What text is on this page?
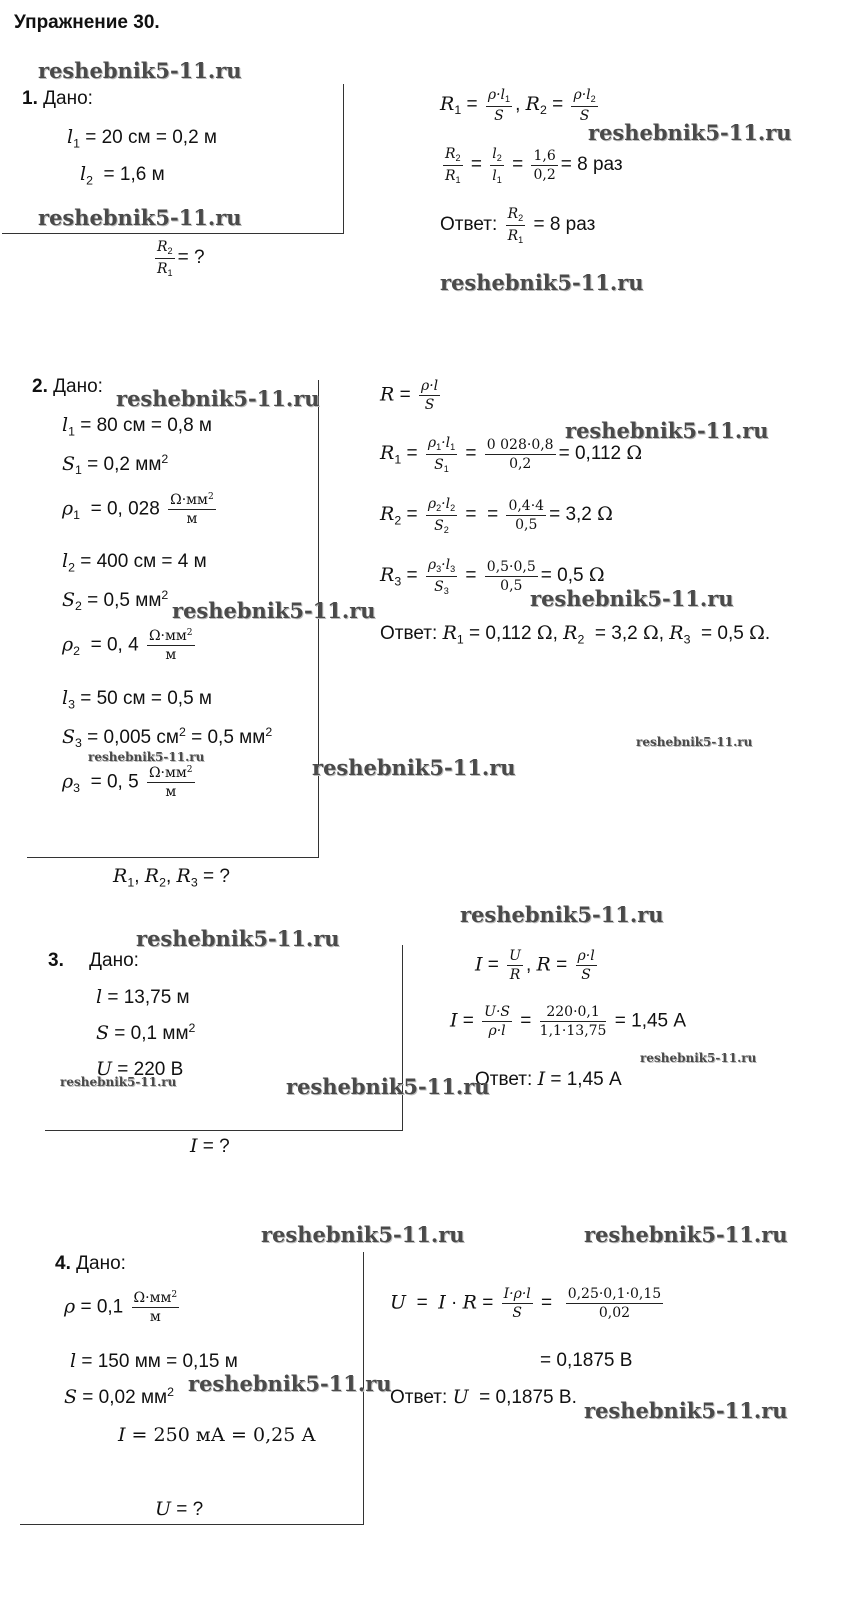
Упражнение 30.
1. Дано:
$l_1 = 20$ см = 0,2 м
$l_2 = 1,6$ м
$\frac{R_2}{R_1}$ = ?
$R_1 = \frac{\rho\cdot l_1}{S}$ , $R_2 = \frac{\rho\cdot l_2}{S}$
$\frac{R_2}{R_1} = \frac{l_2}{l_1} = \frac{1,6}{0,2} = 8$ раз
Ответ: $\frac{R_2}{R_1} = 8$ раз
2. Дано:
$l_1 = 80$ см = 0,8 м
$S_1 = 0,2$ $мм^2$
$\rho_1 = 0$, $028 \frac{\Omega\cdot мм^2}{м}$
$l_2 = 400$ см = 4 м
$S_2 = 0,5$ $мм^2$
$\rho_2 = 0$, $4 \frac{\Omega\cdot мм^2}{м}$
$l_3 = 50$ см = 0,5 м
$S_3 = 0,005$ $см^2 = 0,5$ $мм^2$
$\rho_3 = 0$, $5 \frac{\Omega\cdot мм^2}{м}$
$R_1$, $R_2$, $R_3$ = ?
$R = \frac{\rho\cdot l}{S}$
$R_1 = \frac{\rho_1\cdot l_1}{S_1} = \frac{0 028\cdot 0,8}{0,2} = 0,112$ Ω
$R_2 = \frac{\rho_2\cdot l_2}{S_2}$ =  = $\frac{0,4\cdot 4}{0,5} = 3,2$ Ω
$R_3 = \frac{\rho_3\cdot l_3}{S_3} = \frac{0,5\cdot 0,5}{0,5} = 0,5$ Ω
Ответ: $R_1 = 0,112$ Ω, $R_2 = 3,2$ Ω, $R_3 = 0,5$ Ω.
3. Дано:
l = 13,75 м
S = 0,1 $мм^2$
U = 220 В
I = ?
$I = \frac{U}{R}$ , $R = \frac{\rho\cdot l}{S}$
$I = \frac{U\cdot S}{\rho\cdot l} = \frac{220\cdot 0,1}{1,1\cdot 13,75} = 1,45$ А
Ответ: I = 1,45 А
4. Дано:
$\rho = 0,1 \frac{\Omega\cdot мм^2}{м}$
l = 150 мм = 0,15 м
S = 0,02 $мм^2$
I = 250 мА = 0,25 А
U = ?
$U = I \cdot R = \frac{I\cdot\rho\cdot l}{S} = \frac{0,25\cdot 0,1\cdot 0,15}{0,02}$
= 0,1875 В
Ответ: U  = 0,1875 В.
reshebnik5-11.ru
reshebnik5-11.ru
reshebnik5-11.ru
reshebnik5-11.ru
reshebnik5-11.ru
reshebnik5-11.ru
reshebnik5-11.ru
reshebnik5-11.ru
reshebnik5-11.ru
reshebnik5-11.ru	reshebnik5-11.ru
reshebnik5-11.ru
reshebnik5-11.ru
reshebnik5-11.ru
reshebnik5-11.ru	reshebnik5-11.ru
reshebnik5-11.ru	reshebnik5-11.ru
reshebnik5-11.ru
reshebnik5-11.ru
